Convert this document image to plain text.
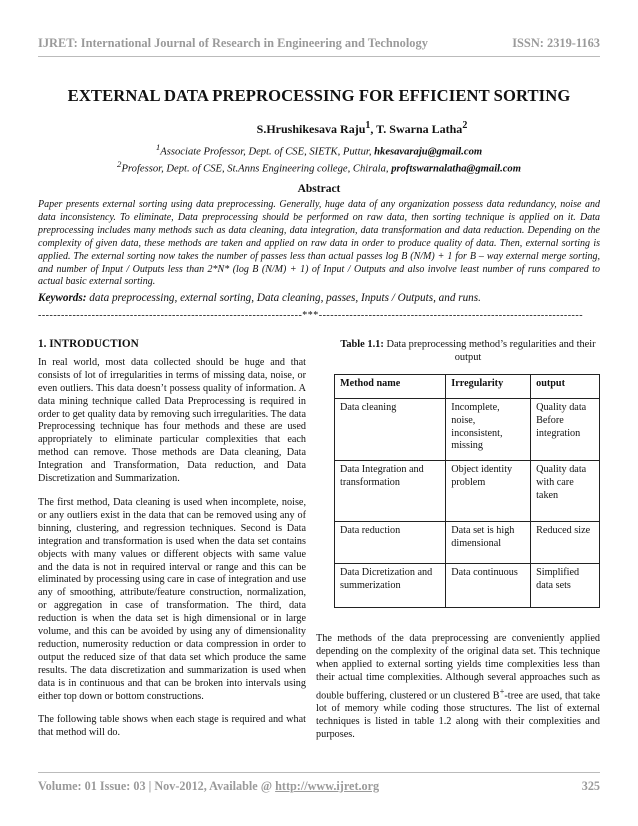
IJRET: International Journal of Research in Engineering and Technology	ISSN: 2319-1163
EXTERNAL DATA PREPROCESSING FOR EFFICIENT SORTING
S.Hrushikesava Raju$^1$, T. Swarna Latha$^2$
$^1$Associate Professor, Dept. of CSE, SIETK, Puttur, hkesavaraju@gmail.com
$^2$Professor, Dept. of CSE, St.Anns Engineering college, Chirala, proftswarnalatha@gmail.com
Abstract
Paper presents external sorting using data preprocessing. Generally, huge data of any organization possess data redundancy, noise and data inconsistency. To eliminate, Data preprocessing should be performed on raw data, then sorting technique is applied on it. Data preprocessing includes many methods such as data cleaning, data integration, data transformation and data reduction. Depending on the complexity of given data, these methods are taken and applied on raw data in order to produce quality of data. Then, external sorting is applied. The external sorting now takes the number of passes less than actual passes log B (N/M) + 1 for B – way external merge sorting, and number of Input / Outputs less than 2*N* (log B (N/M) + 1) of Input / Outputs and also involve least number of runs compared to actual basic external sorting.
Keywords: data preprocessing, external sorting, Data cleaning, passes, Inputs / Outputs, and runs.
---------------------------------------------------------------------***---------------------------------------------------------------------
1. INTRODUCTION

In real world, most data collected should be huge and that consists of lot of irregularities in terms of missing data, noise, or even outliers. This data doesn’t possess quality of information. A data mining technique called Data Preprocessing is required in order to get quality data by removing such irregularities. The data Preprocessing technique has four methods and these are used appropriately to eliminate particular complexities that each method can remove. Those methods are Data cleaning, Data Integration and Transformation, Data reduction, and Data Discretization and Summarization.

The first method, Data cleaning is used when incomplete, noise, or any outliers exist in the data that can be removed using any of binning, clustering, and regression techniques. Second is Data integration and transformation is used when the data set contains objects with many values or different objects with same value and the data is not in required interval or range and this can be eliminated by processing using care in case of integration and use any of smoothing, attribute/feature construction, normalization, or aggregation in case of transformation. The third, data reduction is when the data set is high dimensional or in large volume, and this can be avoided by using any of dimensionality reduction, numerosity reduction or data compression in order to output the reduced size of that data set which produce the same results. The data discretization and summarization is used when data is in continuous and that can be broken into intervals using either top down or bottom constructions.

The following table shows when each stage is required and what that method will do.

Table 1.1: Data preprocessing method’s regularities and their output
Method name	Irregularity	output
Data cleaning	Incomplete, noise, inconsistent, missing	Quality data Before integration
Data Integration and transformation	Object identity problem	Quality data with care taken
Data reduction	Data set is high dimensional	Reduced size
Data Dicretization and summerization	Data continuous	Simplified data sets
The methods of the data preprocessing are conveniently applied depending on the complexity of the original data set. This technique when applied to external sorting yields time complexities less than their actual time complexities. Although several approaches such as double buffering, clustered or un clustered B+-tree are used, that take lot of memory while coding those structures. The list of external techniques is listed in table 1.2 along with their complexities and purposes.
Volume: 01 Issue: 03 | Nov-2012, Available @ http://www.ijret.org	325
